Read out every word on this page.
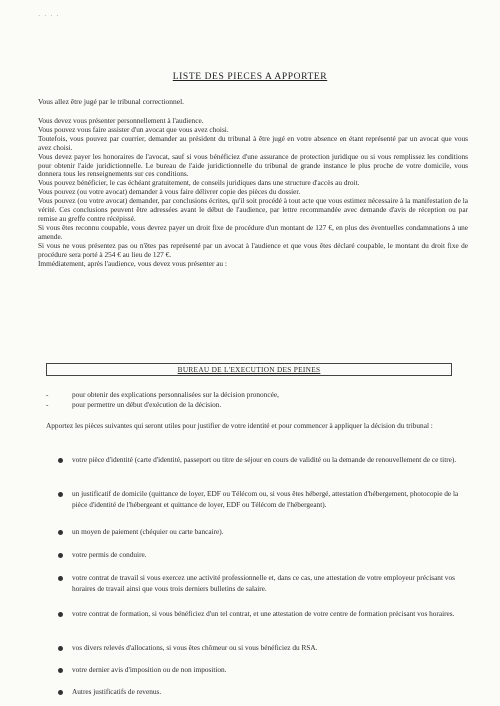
· · · ·
LISTE DES PIECES A APPORTER
Vous allez être jugé par le tribunal correctionnel.

Vous devez vous présenter personnellement à l'audience.

Vous pouvez vous faire assister d'un avocat que vous avez choisi.

Toutefois, vous pouvez par courrier, demander au président du tribunal à être jugé en votre absence en étant représenté par un avocat que vous avez choisi.

Vous devez payer les honoraires de l'avocat, sauf si vous bénéficiez d'une assurance de protection juridique ou si vous remplissez les conditions pour obtenir l'aide juridictionnelle. Le bureau de l'aide juridictionnelle du tribunal de grande instance le plus proche de votre domicile, vous donnera tous les renseignements sur ces conditions.

Vous pouvez bénéficier, le cas échéant gratuitement, de conseils juridiques dans une structure d'accès au droit.

Vous pouvez (ou votre avocat) demander à vous faire délivrer copie des pièces du dossier.

Vous pouvez (ou votre avocat) demander, par conclusions écrites, qu'il soit procédé à tout acte que vous estimez nécessaire à la manifestation de la vérité. Ces conclusions peuvent être adressées avant le début de l'audience, par lettre recommandée avec demande d'avis de réception ou par remise au greffe contre récépissé.

Si vous êtes reconnu coupable, vous devrez payer un droit fixe de procédure d'un montant de 127 €, en plus des éventuelles condamnations à une amende.

Si vous ne vous présentez pas ou n'êtes pas représenté par un avocat à l'audience et que vous êtes déclaré coupable, le montant du droit fixe de procédure sera porté à 254 € au lieu de 127 €.

Immédiatement, après l'audience, vous devez vous présenter au :

BUREAU DE L'EXECUTION DES PEINES
- pour obtenir des explications personnalisées sur la décision prononcée,
- pour permettre un début d'exécution de la décision.
Apportez les pièces suivantes qui seront utiles pour justifier de votre identité et pour commencer à appliquer la décision du tribunal :
votre pièce d'identité (carte d'identité, passeport ou titre de séjour en cours de validité ou la demande de renouvellement de ce titre).
un justificatif de domicile (quittance de loyer, EDF ou Télécom ou, si vous êtes hébergé, attestation d'hébergement, photocopie de la pièce d'identité de l'hébergeant et quittance de loyer, EDF ou Télécom de l'hébergeant).
un moyen de paiement (chéquier ou carte bancaire).
votre permis de conduire.
votre contrat de travail si vous exercez une activité professionnelle et, dans ce cas, une attestation de votre employeur précisant vos horaires de travail ainsi que vous trois derniers bulletins de salaire.
votre contrat de formation, si vous bénéficiez d'un tel contrat, et une attestation de votre centre de formation précisant vos horaires.
vos divers relevés d'allocations, si vous êtes chômeur ou si vous bénéficiez du RSA.
votre dernier avis d'imposition ou de non imposition.
Autres justificatifs de revenus.
